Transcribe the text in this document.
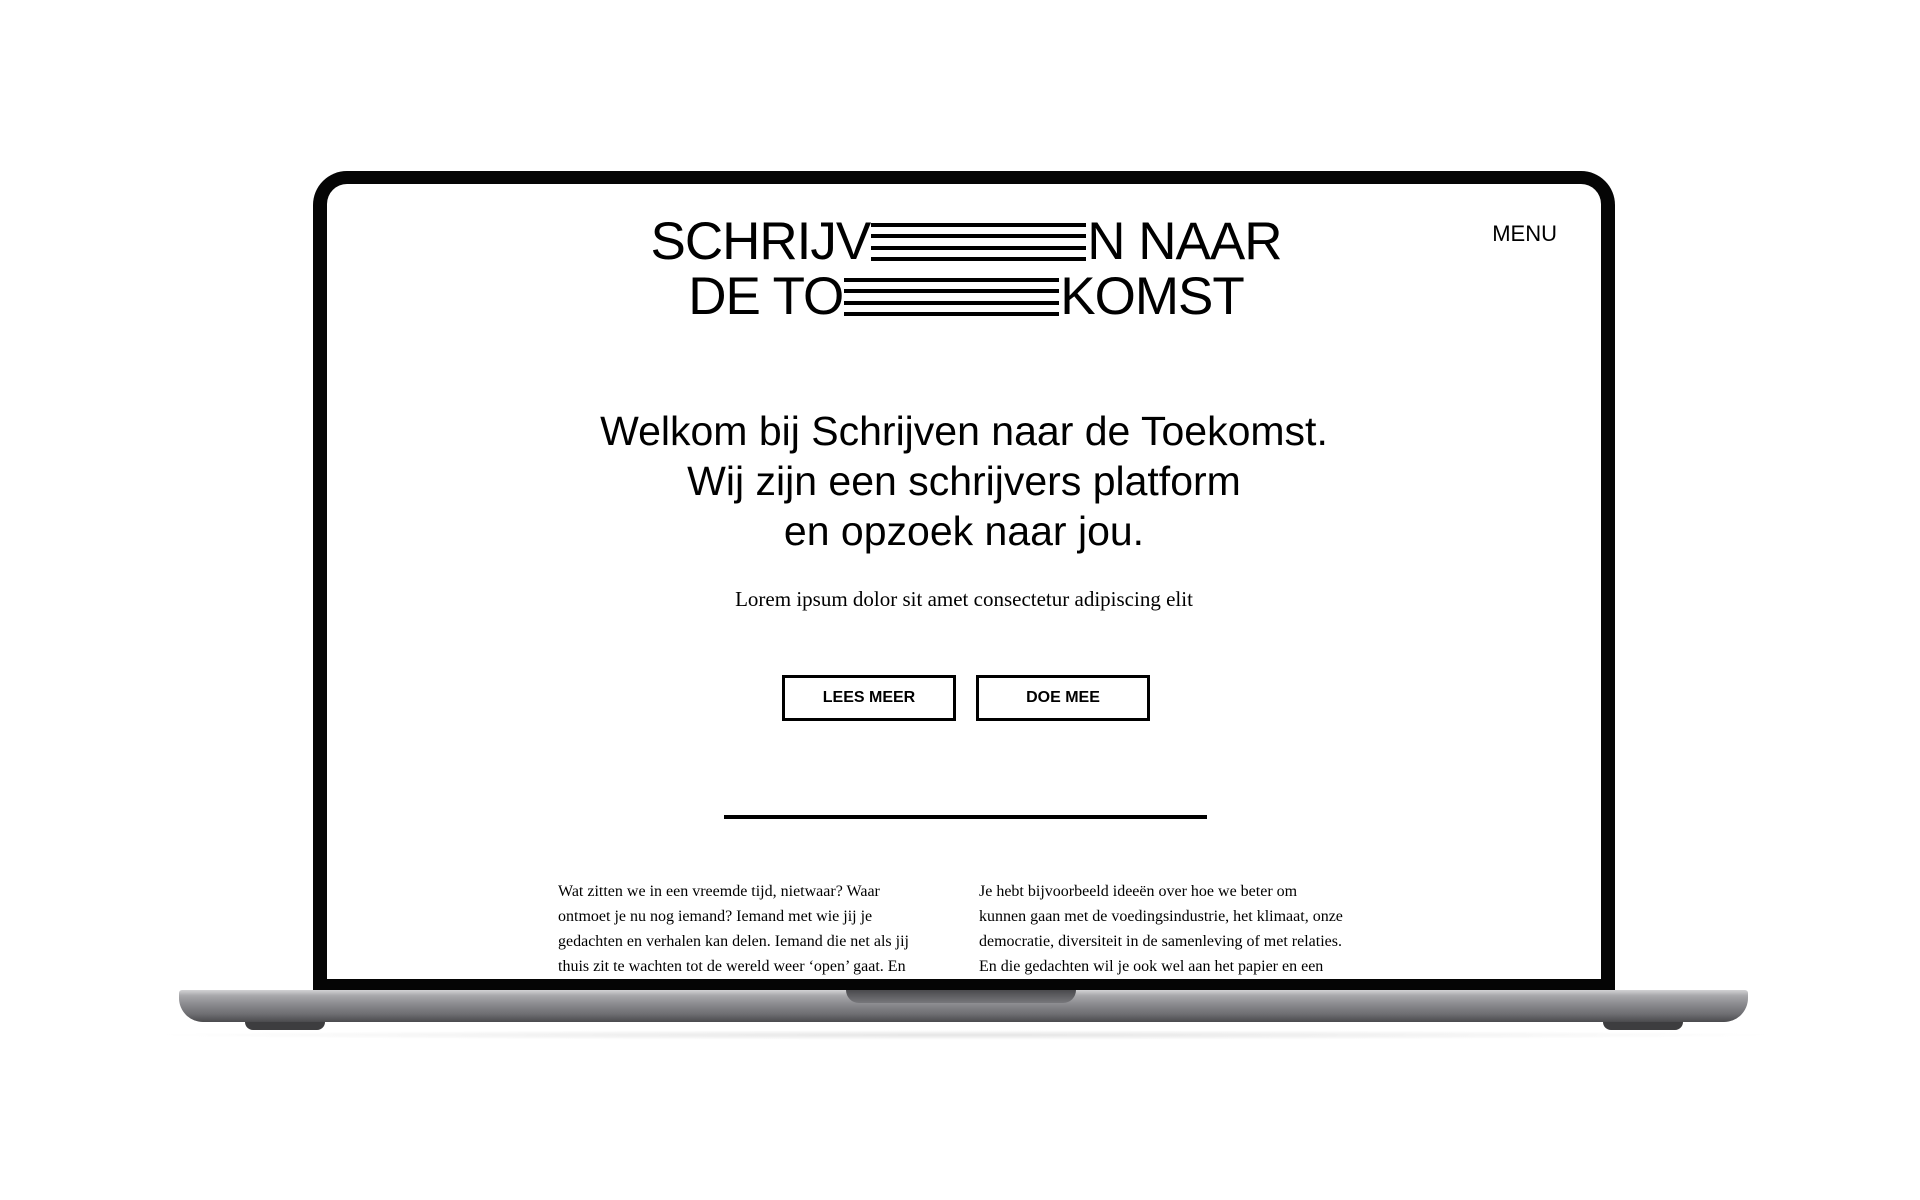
SCHRIJV	N NAAR
DE TO	KOMST
MENU
Welkom bij Schrijven naar de Toekomst.
Wij zijn een schrijvers platform
en opzoek naar jou.
Lorem ipsum dolor sit amet consectetur adipiscing elit
LEES MEER	DOE MEE
Wat zitten we in een vreemde tijd, nietwaar? Waar
ontmoet je nu nog iemand? Iemand met wie jij je
gedachten en verhalen kan delen. Iemand die net als jij
thuis zit te wachten tot de wereld weer ‘open’ gaat. En
Je hebt bijvoorbeeld ideeën over hoe we beter om
kunnen gaan met de voedingsindustrie, het klimaat, onze
democratie, diversiteit in de samenleving of met relaties.
En die gedachten wil je ook wel aan het papier en een
